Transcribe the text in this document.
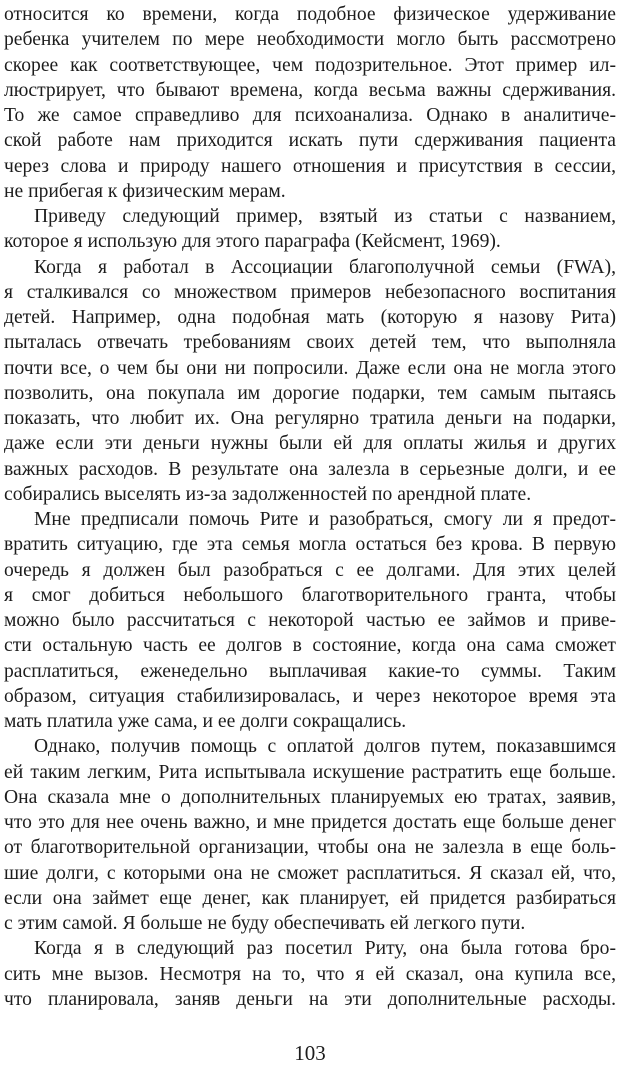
относится ко времени, когда подобное физическое удерживание
ребенка учителем по мере необходимости могло быть рассмотрено
скорее как соответствующее, чем подозрительное. Этот пример ил-
люстрирует, что бывают времена, когда весьма важны сдерживания.
То же самое справедливо для психоанализа. Однако в аналитиче-
ской работе нам приходится искать пути сдерживания пациента
через слова и природу нашего отношения и присутствия в сессии,
не прибегая к физическим мерам.
Приведу следующий пример, взятый из статьи с названием,
которое я использую для этого параграфа (Кейсмент, 1969).
Когда я работал в Ассоциации благополучной семьи (FWA),
я сталкивался со множеством примеров небезопасного воспитания
детей. Например, одна подобная мать (которую я назову Рита)
пыталась отвечать требованиям своих детей тем, что выполняла
почти все, о чем бы они ни попросили. Даже если она не могла этого
позволить, она покупала им дорогие подарки, тем самым пытаясь
показать, что любит их. Она регулярно тратила деньги на подарки,
даже если эти деньги нужны были ей для оплаты жилья и других
важных расходов. В результате она залезла в серьезные долги, и ее
собирались выселять из-за задолженностей по арендной плате.
Мне предписали помочь Рите и разобраться, смогу ли я предот-
вратить ситуацию, где эта семья могла остаться без крова. В первую
очередь я должен был разобраться с ее долгами. Для этих целей
я смог добиться небольшого благотворительного гранта, чтобы
можно было рассчитаться с некоторой частью ее займов и приве-
сти остальную часть ее долгов в состояние, когда она сама сможет
расплатиться, еженедельно выплачивая какие-то суммы. Таким
образом, ситуация стабилизировалась, и через некоторое время эта
мать платила уже сама, и ее долги сокращались.
Однако, получив помощь с оплатой долгов путем, показавшимся
ей таким легким, Рита испытывала искушение растратить еще больше.
Она сказала мне о дополнительных планируемых ею тратах, заявив,
что это для нее очень важно, и мне придется достать еще больше денег
от благотворительной организации, чтобы она не залезла в еще боль-
шие долги, с которыми она не сможет расплатиться. Я сказал ей, что,
если она займет еще денег, как планирует, ей придется разбираться
с этим самой. Я больше не буду обеспечивать ей легкого пути.
Когда я в следующий раз посетил Риту, она была готова бро-
сить мне вызов. Несмотря на то, что я ей сказал, она купила все,
что планировала, заняв деньги на эти дополнительные расходы.
103
